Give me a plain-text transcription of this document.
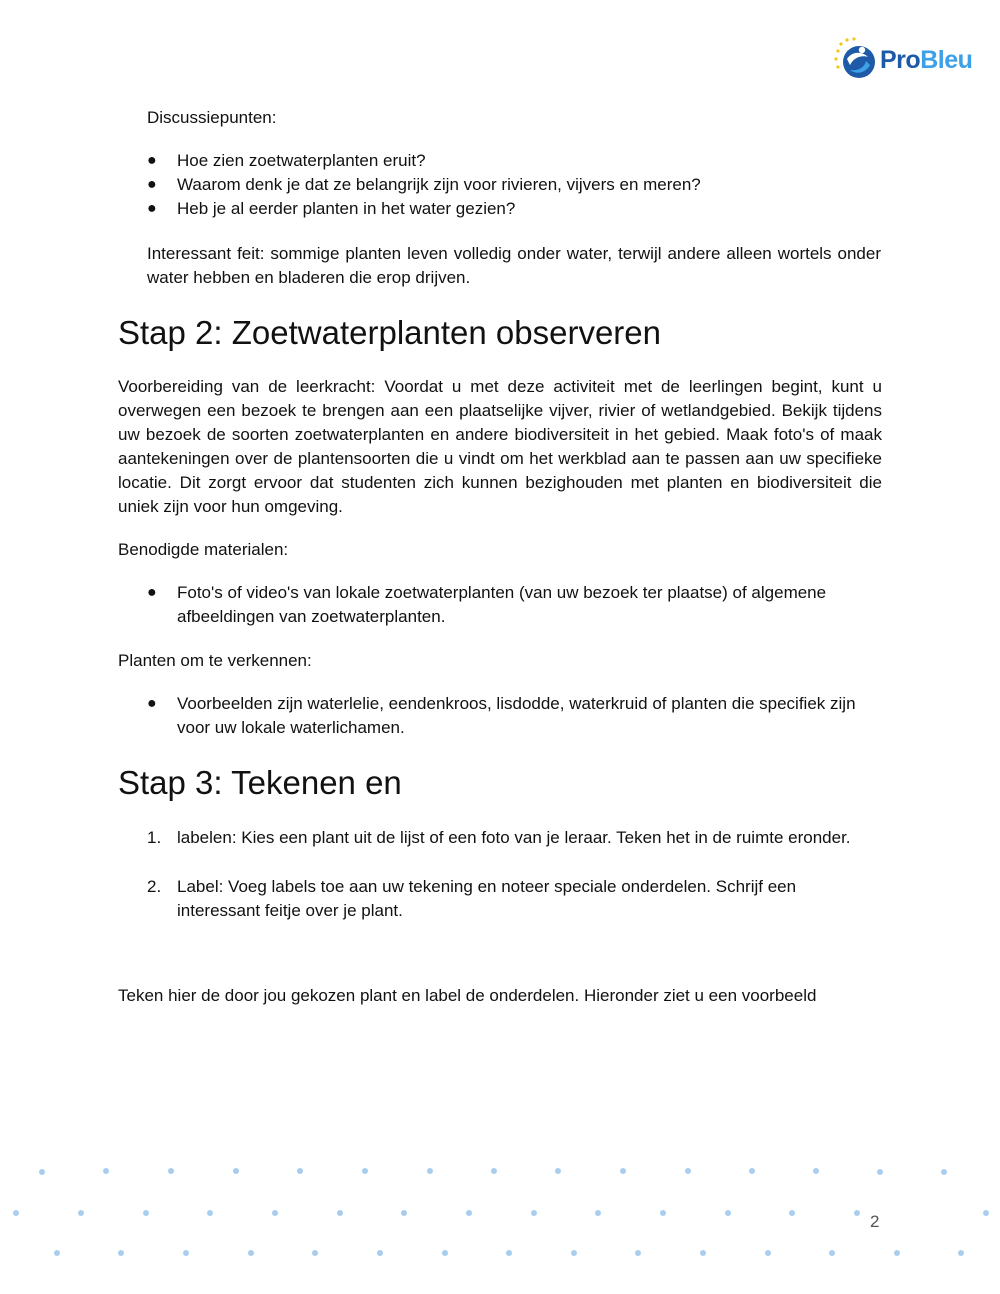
ProBleu

Discussiepunten:

● Hoe zien zoetwaterplanten eruit?
● Waarom denk je dat ze belangrijk zijn voor rivieren, vijvers en meren?
● Heb je al eerder planten in het water gezien?

Interessant feit: sommige planten leven volledig onder water, terwijl andere alleen wortels onder water hebben en bladeren die erop drijven.

Stap 2: Zoetwaterplanten observeren

Voorbereiding van de leerkracht: Voordat u met deze activiteit met de leerlingen begint, kunt u overwegen een bezoek te brengen aan een plaatselijke vijver, rivier of wetlandgebied. Bekijk tijdens uw bezoek de soorten zoetwaterplanten en andere biodiversiteit in het gebied. Maak foto's of maak aantekeningen over de plantensoorten die u vindt om het werkblad aan te passen aan uw specifieke locatie. Dit zorgt ervoor dat studenten zich kunnen bezighouden met planten en biodiversiteit die uniek zijn voor hun omgeving.

Benodigde materialen:

● Foto's of video's van lokale zoetwaterplanten (van uw bezoek ter plaatse) of algemene afbeeldingen van zoetwaterplanten.

Planten om te verkennen:

● Voorbeelden zijn waterlelie, eendenkroos, lisdodde, waterkruid of planten die specifiek zijn voor uw lokale waterlichamen.
Stap 3: Tekenen en
1. labelen: Kies een plant uit de lijst of een foto van je leraar. Teken het in de ruimte eronder.
2. Label: Voeg labels toe aan uw tekening en noteer speciale onderdelen. Schrijf een interessant feitje over je plant.

Teken hier de door jou gekozen plant en label de onderdelen. Hieronder ziet u een voorbeeld

2
